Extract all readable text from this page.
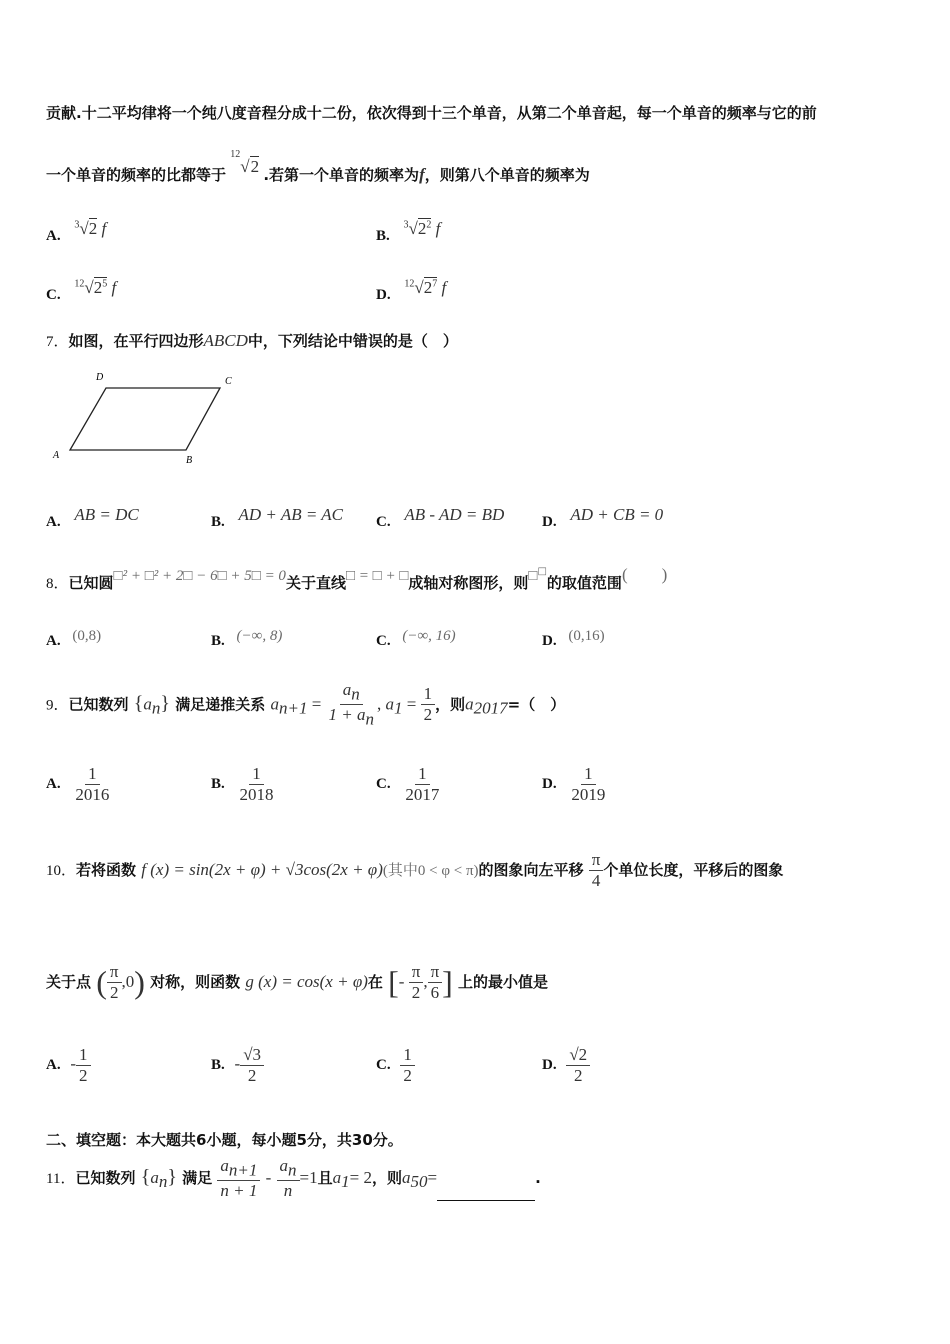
贡献.十二平均律将一个纯八度音程分成十二份，依次得到十三个单音，从第二个单音起，每一个单音的频率与它的前
一个单音的频率的比都等于 $^{12}$√2 .若第一个单音的频率为f，则第八个单音的频率为
A. $^3$√2 f	B. $^3√2^2$ f
C. $^{12}√2^5$ f	D. $^{12}√2^7$ f
7．如图，在平行四边形ABCD中，下列结论中错误的是（　）
A	B
C
D
A. AB = DC	B. AD + AB = AC C. AB - AD = BD	D. AD + CB = 0
8．已知圆□² + □² + 2□ − 6□ + 5□ = 0关于直线□ = □ + □成轴对称图形，则□□的取值范围(　　)
A. (0,8)	B. (−∞, 8)	C. (−∞, 16)	D. (0,16)
9．已知数列 $\{a_n\}$ 满足递推关系 $a_{n+1} = \frac{a_n}{1 + a_n}$ , $a_1 = \frac{1}{2}$ ，则$a_{2017}=$（　）
A. $\frac{1}{2016}$	B. $\frac{1}{2018}$	C. $\frac{1}{2017}$	D. $\frac{1}{2019}$
10．若将函数 f (x) = sin(2x + φ) + √3cos(2x + φ)(其中0 < φ < π)的图象向左平移 $\frac{\pi}{4}$ 个单位长度，平移后的图象
关于点 ( $\frac{\pi}{2} ,0$) 对称，则函数 g (x) = cos(x + φ)在 [- $\frac{\pi}{2}$ , $\frac{\pi}{6}$ ] 上的最小值是
A. - $\frac{1}{2}$	B. - $\frac{√3}{2}$	C. $\frac{1}{2}$	D. $\frac{√2}{2}$
二、填空题：本大题共6小题，每小题5分，共30分。
11．已知数列 $\{a_n\}$ 满足 $\frac{a_{n+1}}{n + 1} - \frac{a_n}{n} =1$且$a_1= 2$，则$a_{50}=$	.
